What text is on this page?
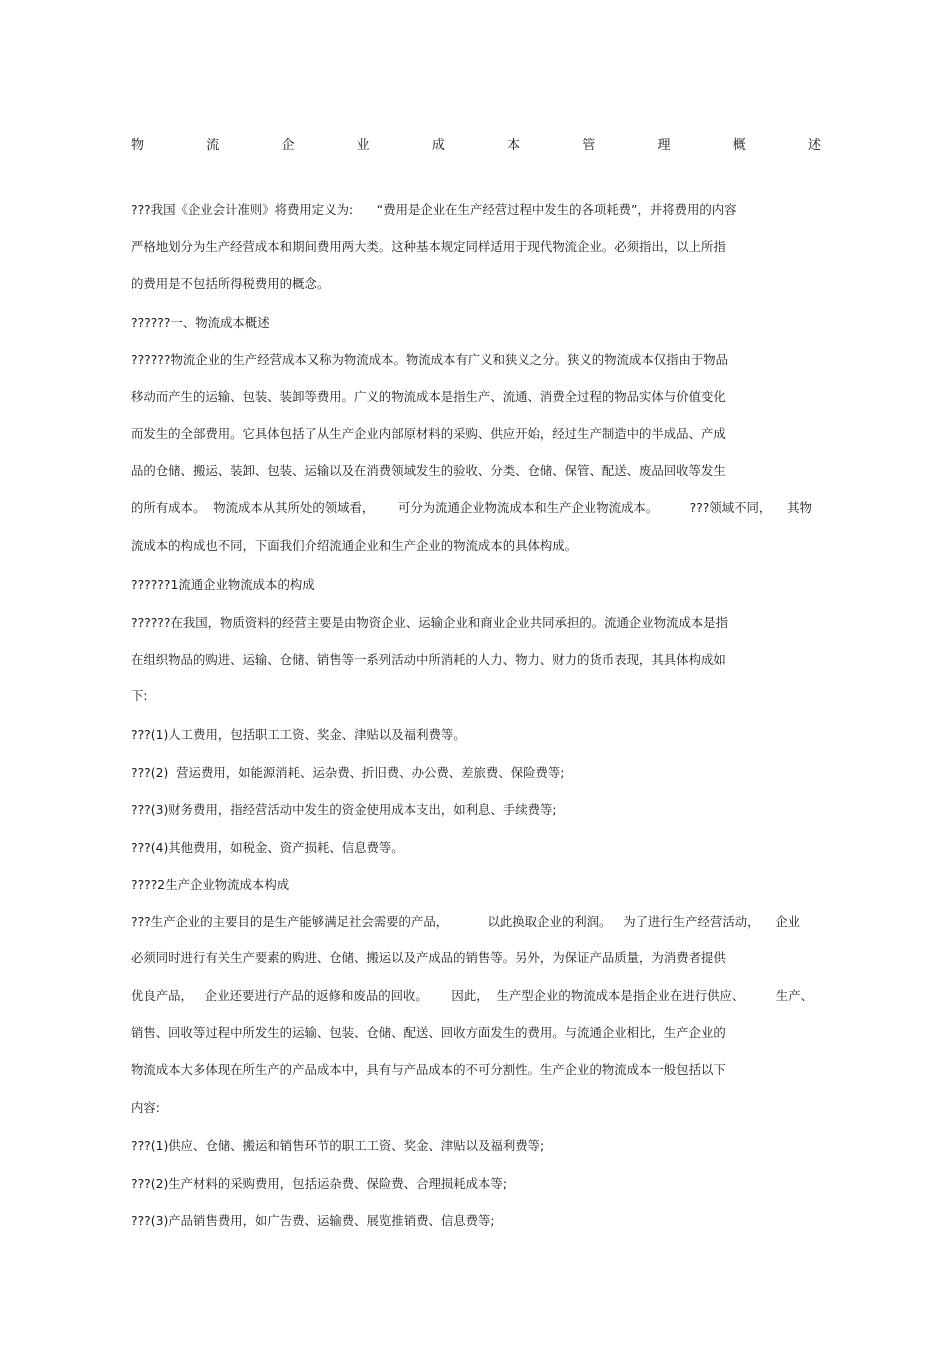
物	流	企	业	成	本	管	理	概	述
???我国《企业会计准则》将费用定义为:      “费用是企业在生产经营过程中发生的各项耗费”，并将费用的内容
严格地划分为生产经营成本和期间费用两大类。这种基本规定同样适用于现代物流企业。必须指出，以上所指
的费用是不包括所得税费用的概念。
??????一、物流成本概述
??????物流企业的生产经营成本又称为物流成本。物流成本有广义和狭义之分。狭义的物流成本仅指由于物品
移动而产生的运输、包装、装卸等费用。广义的物流成本是指生产、流通、消费全过程的物品实体与价值变化
而发生的全部费用。它具体包括了从生产企业内部原材料的采购、供应开始，经过生产制造中的半成品、产成
品的仓储、搬运、装卸、包装、运输以及在消费领域发生的验收、分类、仓储、保管、配送、废品回收等发生
的所有成本。  物流成本从其所处的领域看，      可分为流通企业物流成本和生产企业物流成本。        ???领域不同，    其物
流成本的构成也不同，下面我们介绍流通企业和生产企业的物流成本的具体构成。
??????1流通企业物流成本的构成
??????在我国，物质资料的经营主要是由物资企业、运输企业和商业企业共同承担的。流通企业物流成本是指
在组织物品的购进、运输、仓储、销售等一系列活动中所消耗的人力、物力、财力的货币表现，其具体构成如
下:
???(1)人工费用，包括职工工资、奖金、津贴以及福利费等。
???(2)  营运费用，如能源消耗、运杂费、折旧费、办公费、差旅费、保险费等;
???(3)财务费用，指经营活动中发生的资金使用成本支出，如利息、手续费等;
???(4)其他费用，如税金、资产损耗、信息费等。
????2生产企业物流成本构成
???生产企业的主要目的是生产能够满足社会需要的产品，          以此换取企业的利润。   为了进行生产经营活动，    企业
必须同时进行有关生产要素的购进、仓储、搬运以及产成品的销售等。另外，为保证产品质量，为消费者提供
优良产品，   企业还要进行产品的返修和废品的回收。      因此，  生产型企业的物流成本是指企业在进行供应、        生产、
销售、回收等过程中所发生的运输、包装、仓储、配送、回收方面发生的费用。与流通企业相比，生产企业的
物流成本大多体现在所生产的产品成本中，具有与产品成本的不可分割性。生产企业的物流成本一般包括以下
内容:
???(1)供应、仓储、搬运和销售环节的职工工资、奖金、津贴以及福利费等;
???(2)生产材料的采购费用，包括运杂费、保险费、合理损耗成本等;
???(3)产品销售费用，如广告费、运输费、展览推销费、信息费等;
